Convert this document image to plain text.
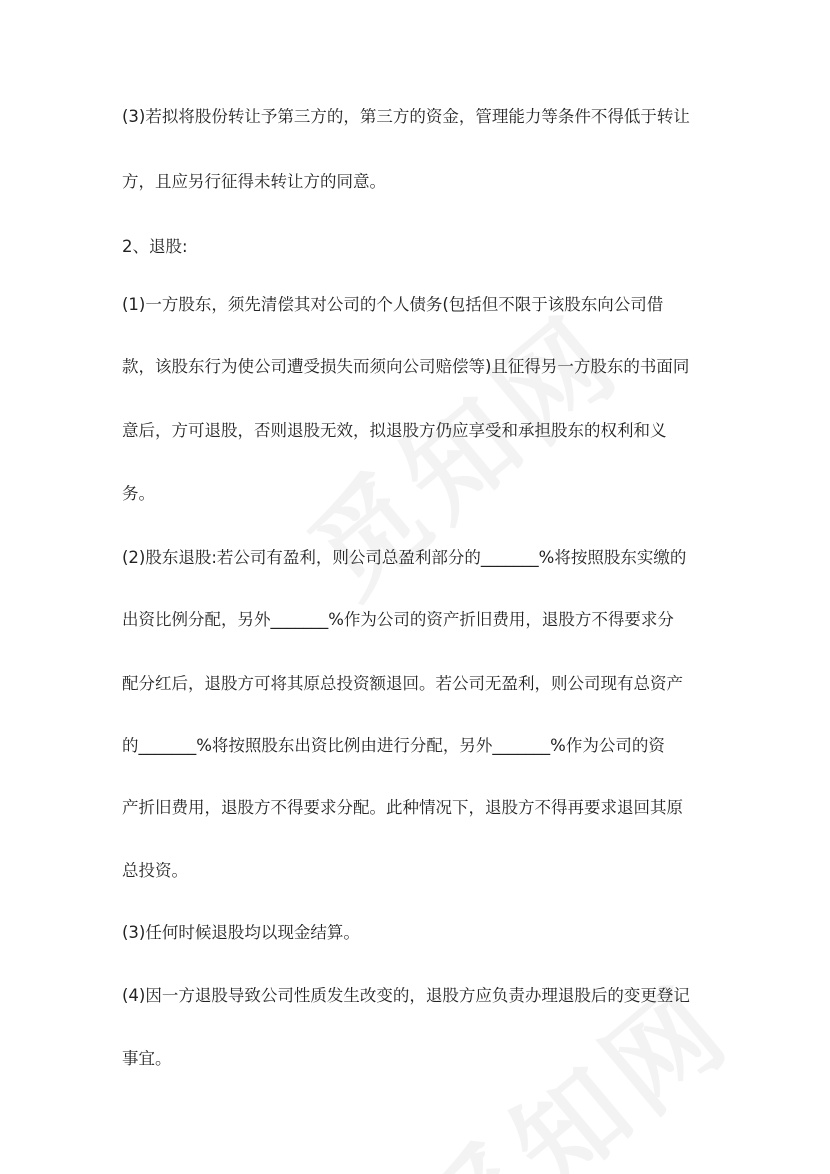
(3)若拟将股份转让予第三方的，第三方的资金，管理能力等条件不得低于转让
方，且应另行征得未转让方的同意。
2、退股:
(1)一方股东，须先清偿其对公司的个人债务(包括但不限于该股东向公司借
款，该股东行为使公司遭受损失而须向公司赔偿等)且征得另一方股东的书面同
意后，方可退股，否则退股无效，拟退股方仍应享受和承担股东的权利和义
务。
(2)股东退股:若公司有盈利，则公司总盈利部分的_______%将按照股东实缴的
出资比例分配，另外_______%作为公司的资产折旧费用，退股方不得要求分
配分红后，退股方可将其原总投资额退回。若公司无盈利，则公司现有总资产
的_______%将按照股东出资比例由进行分配，另外_______%作为公司的资
产折旧费用，退股方不得要求分配。此种情况下，退股方不得再要求退回其原
总投资。
(3)任何时候退股均以现金结算。
(4)因一方退股导致公司性质发生改变的，退股方应负责办理退股后的变更登记
事宜。
